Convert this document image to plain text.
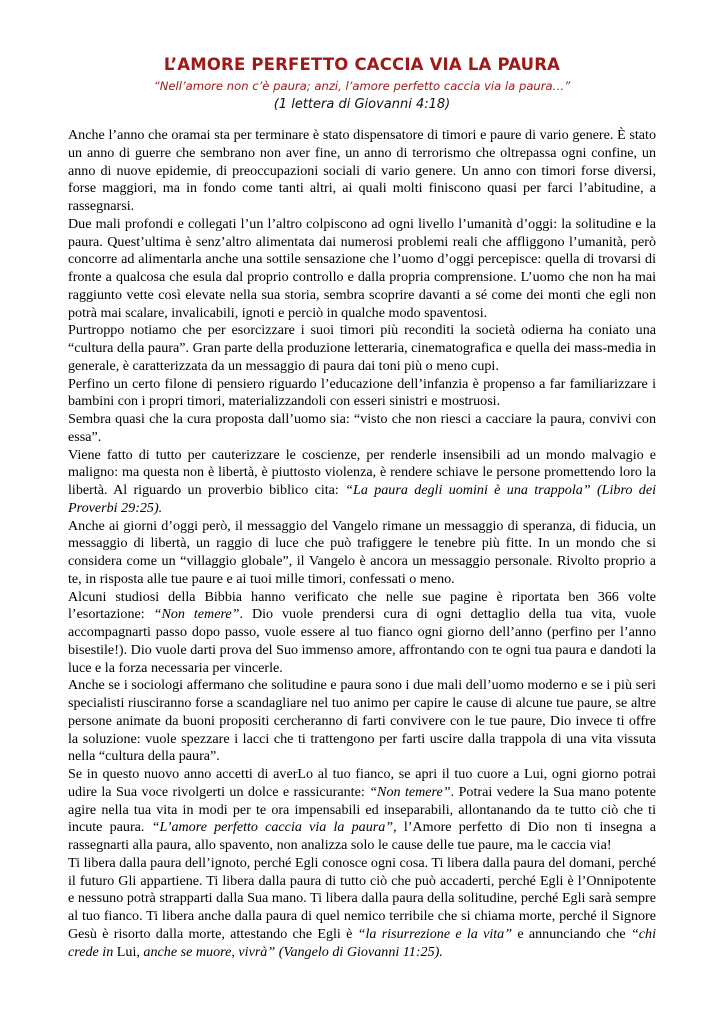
L’AMORE PERFETTO CACCIA VIA LA PAURA

“Nell’amore non c’è paura; anzi, l’amore perfetto caccia via la paura…”

(1 lettera di Giovanni 4:18)

Anche l’anno che oramai sta per terminare è stato dispensatore di timori e paure di vario genere. È stato un anno di guerre che sembrano non aver fine, un anno di terrorismo che oltrepassa ogni confine, un anno di nuove epidemie, di preoccupazioni sociali di vario genere. Un anno con timori forse diversi, forse maggiori, ma in fondo come tanti altri, ai quali molti finiscono quasi per farci l’abitudine, a rassegnarsi.

Due mali profondi e collegati l’un l’altro colpiscono ad ogni livello l’umanità d’oggi: la solitudine e la paura. Quest’ultima è senz’altro alimentata dai numerosi problemi reali che affliggono l’umanità, però concorre ad alimentarla anche una sottile sensazione che l’uomo d’oggi percepisce: quella di trovarsi di fronte a qualcosa che esula dal proprio controllo e dalla propria comprensione. L’uomo che non ha mai raggiunto vette così elevate nella sua storia, sembra scoprire davanti a sé come dei monti che egli non potrà mai scalare, invalicabili, ignoti e perciò in qualche modo spaventosi.

Purtroppo notiamo che per esorcizzare i suoi timori più reconditi la società odierna ha coniato una “cultura della paura”. Gran parte della produzione letteraria, cinematografica e quella dei mass-media in generale, è caratterizzata da un messaggio di paura dai toni più o meno cupi.

Perfino un certo filone di pensiero riguardo l’educazione dell’infanzia è propenso a far familiarizzare i bambini con i propri timori, materializzandoli con esseri sinistri e mostruosi.

Sembra quasi che la cura proposta dall’uomo sia: “visto che non riesci a cacciare la paura, convivi con essa”.

Viene fatto di tutto per cauterizzare le coscienze, per renderle insensibili ad un mondo malvagio e maligno: ma questa non è libertà, è piuttosto violenza, è rendere schiave le persone promettendo loro la libertà. Al riguardo un proverbio biblico cita: “La paura degli uomini è una trappola” (Libro dei Proverbi 29:25).

Anche ai giorni d’oggi però, il messaggio del Vangelo rimane un messaggio di speranza, di fiducia, un messaggio di libertà, un raggio di luce che può trafiggere le tenebre più fitte. In un mondo che si considera come un “villaggio globale”, il Vangelo è ancora un messaggio personale. Rivolto proprio a te, in risposta alle tue paure e ai tuoi mille timori, confessati o meno.

Alcuni studiosi della Bibbia hanno verificato che nelle sue pagine è riportata ben 366 volte l’esortazione: “Non temere”. Dio vuole prendersi cura di ogni dettaglio della tua vita, vuole accompagnarti passo dopo passo, vuole essere al tuo fianco ogni giorno dell’anno (perfino per l’anno bisestile!). Dio vuole darti prova del Suo immenso amore, affrontando con te ogni tua paura e dandoti la luce e la forza necessaria per vincerle.

Anche se i sociologi affermano che solitudine e paura sono i due mali dell’uomo moderno e se i più seri specialisti riusciranno forse a scandagliare nel tuo animo per capire le cause di alcune tue paure, se altre persone animate da buoni propositi cercheranno di farti convivere con le tue paure, Dio invece ti offre la soluzione: vuole spezzare i lacci che ti trattengono per farti uscire dalla trappola di una vita vissuta nella “cultura della paura”.

Se in questo nuovo anno accetti di averLo al tuo fianco, se apri il tuo cuore a Lui, ogni giorno potrai udire la Sua voce rivolgerti un dolce e rassicurante: “Non temere”. Potrai vedere la Sua mano potente agire nella tua vita in modi per te ora impensabili ed inseparabili, allontanando da te tutto ciò che ti incute paura. “L’amore perfetto caccia via la paura”, l’Amore perfetto di Dio non ti insegna a rassegnarti alla paura, allo spavento, non analizza solo le cause delle tue paure, ma le caccia via!

Ti libera dalla paura dell’ignoto, perché Egli conosce ogni cosa. Ti libera dalla paura del domani, perché il futuro Gli appartiene. Ti libera dalla paura di tutto ciò che può accaderti, perché Egli è l’Onnipotente e nessuno potrà strapparti dalla Sua mano. Ti libera dalla paura della solitudine, perché Egli sarà sempre al tuo fianco. Ti libera anche dalla paura di quel nemico terribile che si chiama morte, perché il Signore Gesù è risorto dalla morte, attestando che Egli è “la risurrezione e la vita” e annunciando che “chi crede in Lui, anche se muore, vivrà” (Vangelo di Giovanni 11:25).
